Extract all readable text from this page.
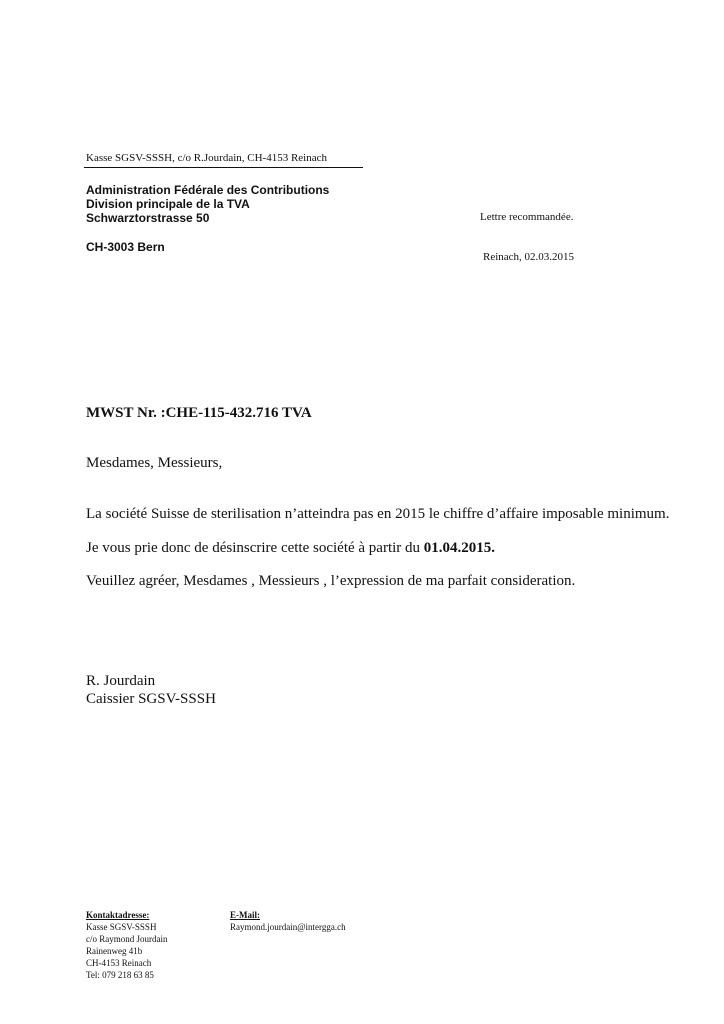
Kasse SGSV-SSSH, c/o R.Jourdain, CH-4153 Reinach
Administration Fédérale des Contributions
Division principale de la TVA
Schwarztorstrasse 50
CH-3003 Bern
Lettre recommandée.
Reinach, 02.03.2015
MWST Nr. :CHE-115-432.716 TVA
Mesdames, Messieurs,
La société Suisse de sterilisation n’atteindra pas en 2015 le chiffre d’affaire imposable minimum.
Je vous prie donc de désinscrire cette société à partir du 01.04.2015.
Veuillez agréer, Mesdames , Messieurs , l’expression de ma parfait consideration.
R. Jourdain
Caissier SGSV-SSSH
Kontaktadresse:
Kasse SGSV-SSSH
c/o Raymond Jourdain
Rainenweg 41b
CH-4153 Reinach
Tel: 079 218 63 85
E-Mail:
Raymond.jourdain@intergga.ch
